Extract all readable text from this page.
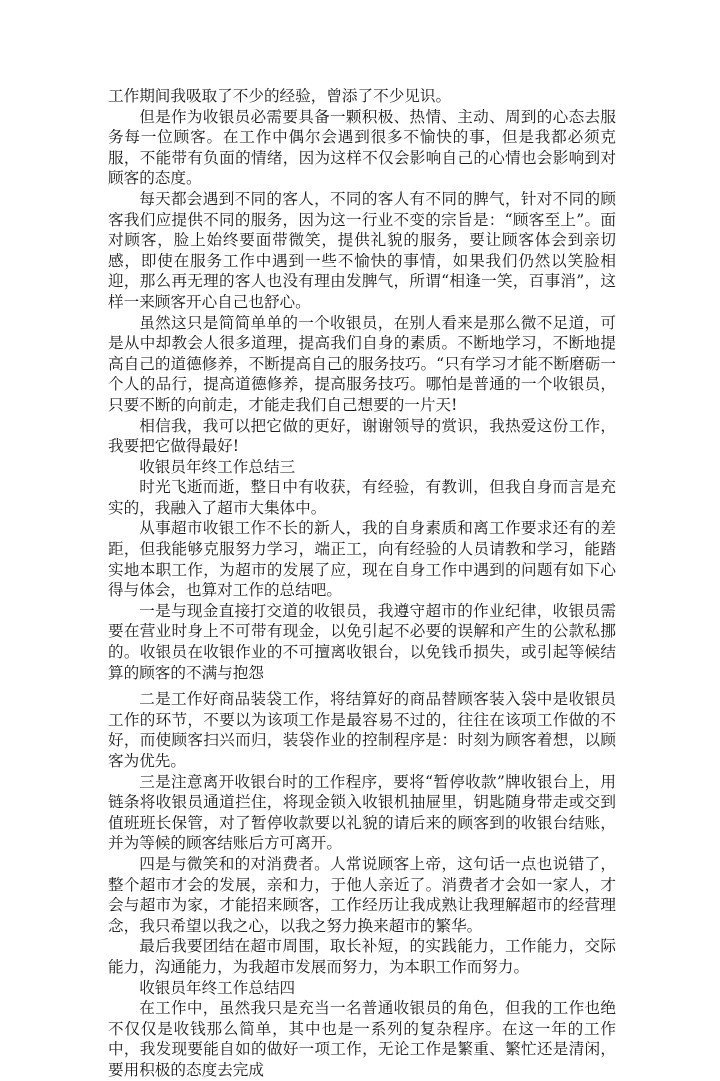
工作期间我吸取了不少的经验，曾添了不少见识。

但是作为收银员必需要具备一颗积极、热情、主动、周到的心态去服务每一位顾客。在工作中偶尔会遇到很多不愉快的事，但是我都必须克服，不能带有负面的情绪，因为这样不仅会影响自己的心情也会影响到对顾客的态度。

每天都会遇到不同的客人，不同的客人有不同的脾气，针对不同的顾客我们应提供不同的服务，因为这一行业不变的宗旨是：“顾客至上”。面对顾客，脸上始终要面带微笑，提供礼貌的服务，要让顾客体会到亲切感，即使在服务工作中遇到一些不愉快的事情，如果我们仍然以笑脸相迎，那么再无理的客人也没有理由发脾气，所谓“相逢一笑，百事消”，这样一来顾客开心自己也舒心。

虽然这只是简简单单的一个收银员，在别人看来是那么微不足道，可是从中却教会人很多道理，提高我们自身的素质。不断地学习，不断地提高自己的道德修养，不断提高自己的服务技巧。“只有学习才能不断磨砺一个人的品行，提高道德修养，提高服务技巧。哪怕是普通的一个收银员，只要不断的向前走，才能走我们自己想要的一片天!

相信我，我可以把它做的更好，谢谢领导的赏识，我热爱这份工作，我要把它做得最好!

收银员年终工作总结三

时光飞逝而逝，整日中有收获，有经验，有教训，但我自身而言是充实的，我融入了超市大集体中。

从事超市收银工作不长的新人，我的自身素质和离工作要求还有的差距，但我能够克服努力学习，端正工，向有经验的人员请教和学习，能踏实地本职工作，为超市的发展了应，现在自身工作中遇到的问题有如下心得与体会，也算对工作的总结吧。

一是与现金直接打交道的收银员，我遵守超市的作业纪律，收银员需要在营业时身上不可带有现金，以免引起不必要的误解和产生的公款私挪的。收银员在收银作业的不可擅离收银台，以免钱币损失，或引起等候结算的顾客的不满与抱怨

二是工作好商品装袋工作，将结算好的商品替顾客装入袋中是收银员工作的环节，不要以为该项工作是最容易不过的，往往在该项工作做的不好，而使顾客扫兴而归，装袋作业的控制程序是：时刻为顾客着想，以顾客为优先。

三是注意离开收银台时的工作程序，要将“暂停收款”牌收银台上，用链条将收银员通道拦住，将现金锁入收银机抽屉里，钥匙随身带走或交到值班班长保管，对了暂停收款要以礼貌的请后来的顾客到的收银台结账，并为等候的顾客结账后方可离开。

四是与微笑和的对消费者。人常说顾客上帝，这句话一点也说错了，整个超市才会的发展，亲和力，于他人亲近了。消费者才会如一家人，才会与超市为家，才能招来顾客，工作经历让我成熟让我理解超市的经营理念，我只希望以我之心，以我之努力换来超市的繁华。

最后我要团结在超市周围，取长补短，的实践能力，工作能力，交际能力，沟通能力，为我超市发展而努力，为本职工作而努力。

收银员年终工作总结四

在工作中，虽然我只是充当一名普通收银员的角色，但我的工作也绝不仅仅是收钱那么简单，其中也是一系列的复杂程序。在这一年的工作中，我发现要能自如的做好一项工作，无论工作是繁重、繁忙还是清闲，要用积极的态度去完成
